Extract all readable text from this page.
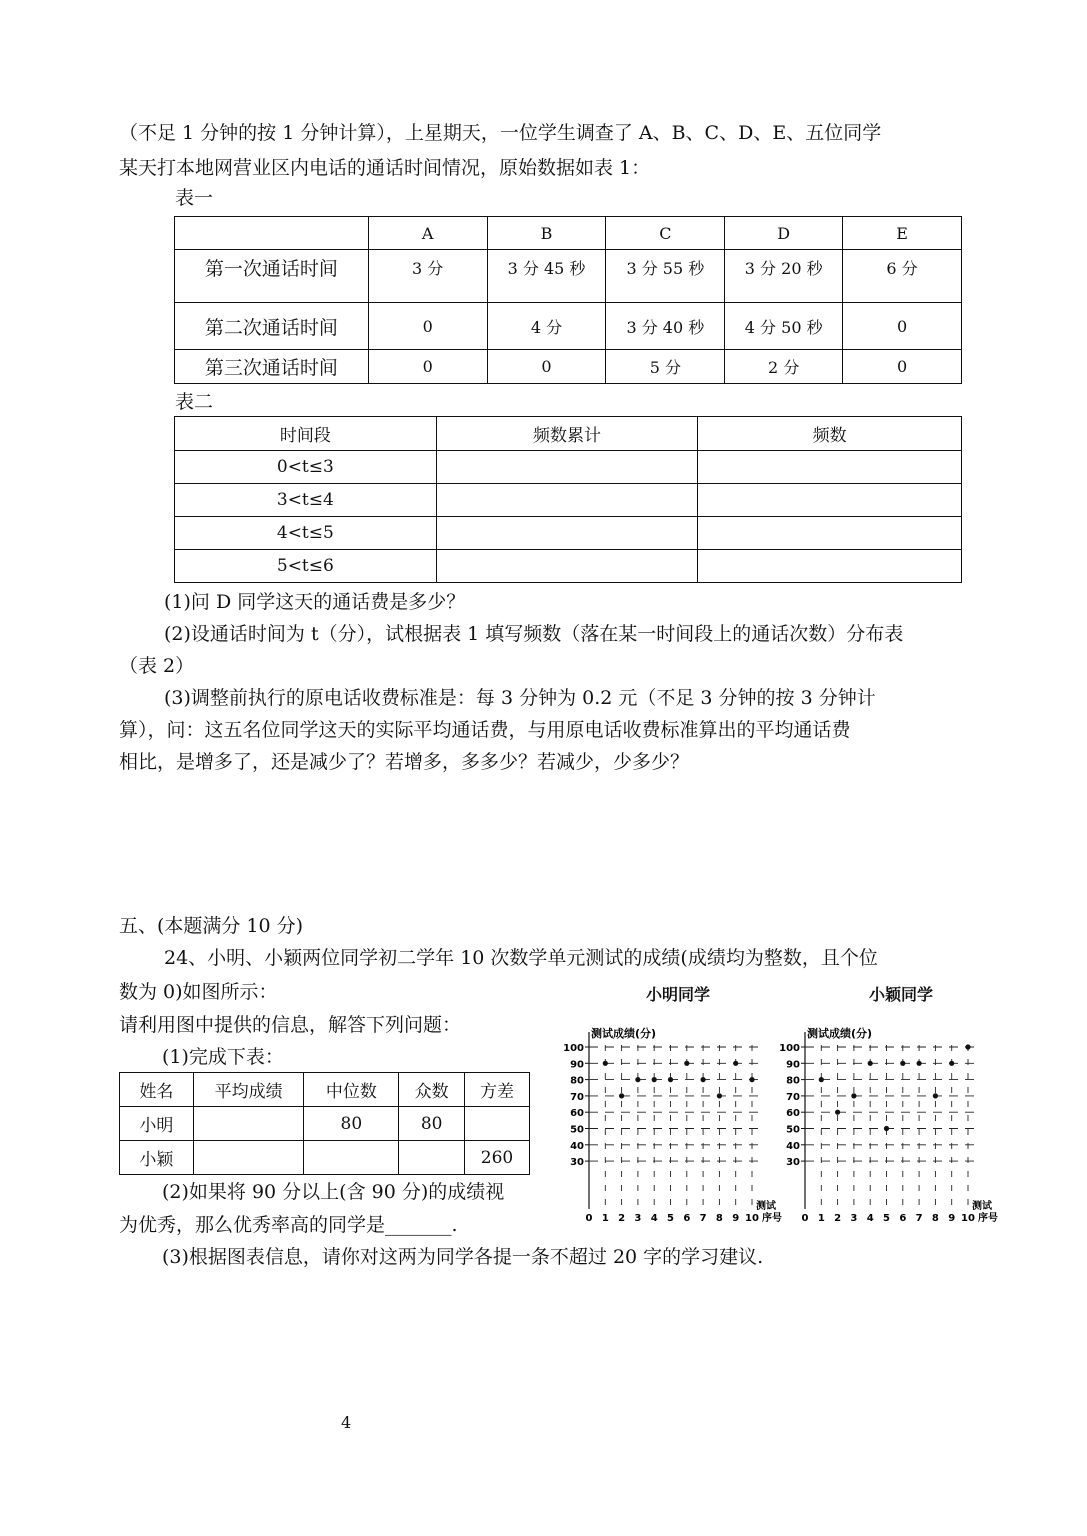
（不足 1 分钟的按 1 分钟计算），上星期天，一位学生调查了 A、B、C、D、E、五位同学
某天打本地网营业区内电话的通话时间情况，原始数据如表 1：
表一
	A	B	C	D	E
第一次通话时间	3 分	3 分 45 秒	3 分 55 秒	3 分 20 秒	6 分
第二次通话时间	0	4 分	3 分 40 秒	4 分 50 秒	0
第三次通话时间	0	0	5 分	2 分	0
表二
时间段	频数累计	频数
0<t≤3		
3<t≤4		
4<t≤5		
5<t≤6		
(1)问 D 同学这天的通话费是多少？
(2)设通话时间为 t（分），试根据表 1 填写频数（落在某一时间段上的通话次数）分布表
（表 2）
(3)调整前执行的原电话收费标准是：每 3 分钟为 0.2 元（不足 3 分钟的按 3 分钟计
算），问：这五名位同学这天的实际平均通话费，与用原电话收费标准算出的平均通话费
相比，是增多了，还是减少了？若增多，多多少？若减少，少多少？
五、(本题满分 10 分)
24、小明、小颖两位同学初二学年 10 次数学单元测试的成绩(成绩均为整数，且个位
数为 0)如图所示：
请利用图中提供的信息，解答下列问题：
(1)完成下表：
姓名	平均成绩	中位数	众数	方差
小明		80	80	
小颖				260
(2)如果将 90 分以上(含 90 分)的成绩视
为优秀，那么优秀率高的同学是_______.
(3)根据图表信息，请你对这两为同学各提一条不超过 20 字的学习建议.
小明同学	小颖同学
测试成绩(分)
30
40
50
60
70
80
90
100
0 1 2 3 4 5 6 7 8 9 10
测试
序号
测试成绩(分)
30
40
50
60
70
80
90
100
0 1 2 3 4 5 6 7 8 9 10
测试
序号
4
